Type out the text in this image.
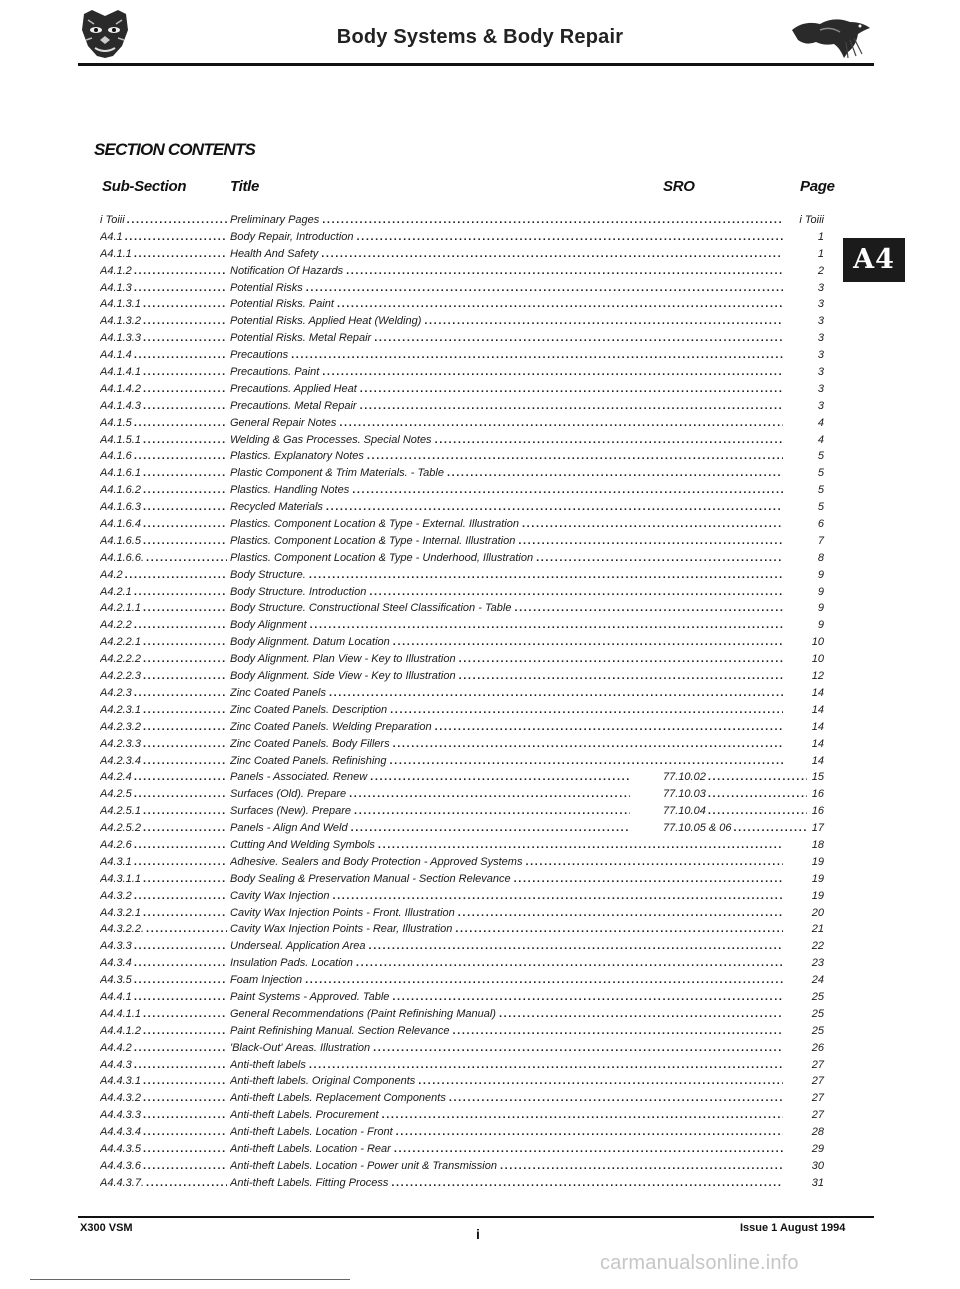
Body Systems & Body Repair
SECTION CONTENTS
Sub-Section	Title	SRO	Page
i Toiii .....	Preliminary Pages .....	i Toiii
A4.1 .....	Body Repair, Introduction .....	1
A4.1.1 .....	Health And Safety .....	1
A4.1.2 .....	Notification Of Hazards .....	2
A4.1.3 .....	Potential Risks .....	3
A4.1.3.1 .....	Potential Risks. Paint .....	3
A4.1.3.2 .....	Potential Risks. Applied Heat (Welding) .....	3
A4.1.3.3 .....	Potential Risks. Metal Repair .....	3
A4.1.4 .....	Precautions .....	3
A4.1.4.1 .....	Precautions. Paint .....	3
A4.1.4.2 .....	Precautions. Applied Heat .....	3
A4.1.4.3 .....	Precautions. Metal Repair .....	3
A4.1.5 .....	General Repair Notes .....	4
A4.1.5.1 .....	Welding & Gas Processes. Special Notes .....	4
A4.1.6 .....	Plastics. Explanatory Notes .....	5
A4.1.6.1 .....	Plastic Component & Trim Materials. - Table .....	5
A4.1.6.2 .....	Plastics. Handling Notes .....	5
A4.1.6.3 .....	Recycled Materials .....	5
A4.1.6.4 .....	Plastics. Component Location & Type - External. Illustration .....	6
A4.1.6.5 .....	Plastics. Component Location & Type - Internal. Illustration .....	7
A4.1.6.6. .....	Plastics. Component Location & Type - Underhood, Illustration .....	8
A4.2 .....	Body Structure. .....	9
A4.2.1 .....	Body Structure. Introduction .....	9
A4.2.1.1 .....	Body Structure. Constructional Steel Classification - Table .....	9
A4.2.2 .....	Body Alignment .....	9
A4.2.2.1 .....	Body Alignment. Datum Location .....	10
A4.2.2.2 .....	Body Alignment. Plan View - Key to Illustration .....	10
A4.2.2.3 .....	Body Alignment. Side View - Key to Illustration .....	12
A4.2.3 .....	Zinc Coated Panels .....	14
A4.2.3.1 .....	Zinc Coated Panels. Description .....	14
A4.2.3.2 .....	Zinc Coated Panels. Welding Preparation .....	14
A4.2.3.3 .....	Zinc Coated Panels. Body Fillers .....	14
A4.2.3.4 .....	Zinc Coated Panels. Refinishing .....	14
A4.2.4 .....	Panels - Associated. Renew .....	77.10.02 .....	15
A4.2.5 .....	Surfaces (Old). Prepare .....	77.10.03 .....	16
A4.2.5.1 .....	Surfaces (New). Prepare .....	77.10.04 .....	16
A4.2.5.2 .....	Panels - Align And Weld .....	77.10.05 & 06 .....	17
A4.2.6 .....	Cutting And Welding Symbols .....	18
A4.3.1 .....	Adhesive. Sealers and Body Protection - Approved Systems .....	19
A4.3.1.1 .....	Body Sealing & Preservation Manual - Section Relevance .....	19
A4.3.2 .....	Cavity Wax Injection .....	19
A4.3.2.1 .....	Cavity Wax Injection Points - Front. Illustration .....	20
A4.3.2.2. .....	Cavity Wax Injection Points - Rear, Illustration .....	21
A4.3.3 .....	Underseal. Application Area .....	22
A4.3.4 .....	Insulation Pads. Location .....	23
A4.3.5 .....	Foam Injection .....	24
A4.4.1 .....	Paint Systems - Approved. Table .....	25
A4.4.1.1 .....	General Recommendations (Paint Refinishing Manual) .....	25
A4.4.1.2 .....	Paint Refinishing Manual. Section Relevance .....	25
A4.4.2 .....	'Black-Out' Areas. Illustration .....	26
A4.4.3 .....	Anti-theft labels .....	27
A4.4.3.1 .....	Anti-theft labels. Original Components .....	27
A4.4.3.2 .....	Anti-theft Labels. Replacement Components .....	27
A4.4.3.3 .....	Anti-theft Labels. Procurement .....	27
A4.4.3.4 .....	Anti-theft Labels. Location - Front .....	28
A4.4.3.5 .....	Anti-theft Labels. Location - Rear .....	29
A4.4.3.6 .....	Anti-theft Labels. Location - Power unit & Transmission .....	30
A4.4.3.7. .....	Anti-theft Labels. Fitting Process .....	31
A4
X300 VSM	i	Issue 1 August 1994
carmanualsonline.info
